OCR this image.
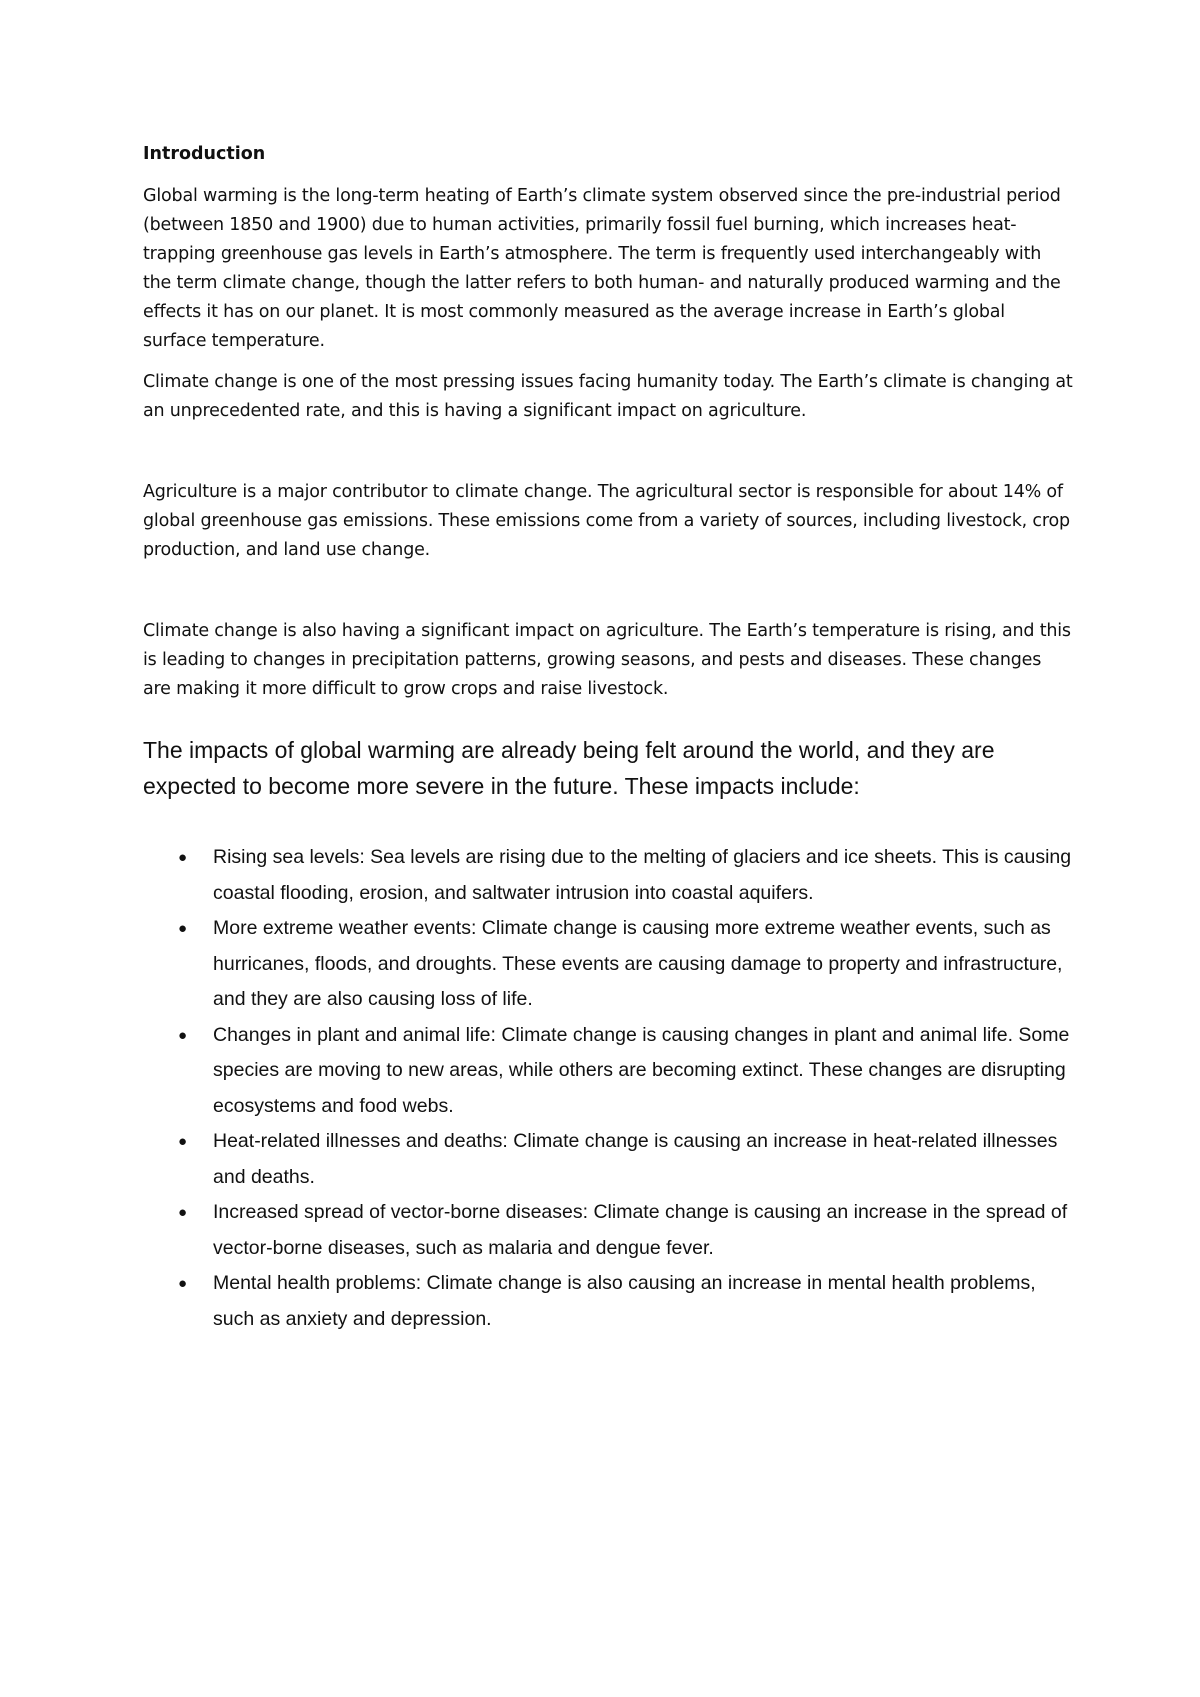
Introduction

Global warming is the long-term heating of Earth’s climate system observed since the pre-industrial period (between 1850 and 1900) due to human activities, primarily fossil fuel burning, which increases heat-trapping greenhouse gas levels in Earth’s atmosphere. The term is frequently used interchangeably with the term climate change, though the latter refers to both human- and naturally produced warming and the effects it has on our planet. It is most commonly measured as the average increase in Earth’s global surface temperature.

Climate change is one of the most pressing issues facing humanity today. The Earth’s climate is changing at an unprecedented rate, and this is having a significant impact on agriculture.

Agriculture is a major contributor to climate change. The agricultural sector is responsible for about 14% of global greenhouse gas emissions. These emissions come from a variety of sources, including livestock, crop production, and land use change.

Climate change is also having a significant impact on agriculture. The Earth’s temperature is rising, and this is leading to changes in precipitation patterns, growing seasons, and pests and diseases. These changes are making it more difficult to grow crops and raise livestock.

The impacts of global warming are already being felt around the world, and they are expected to become more severe in the future. These impacts include:

● Rising sea levels: Sea levels are rising due to the melting of glaciers and ice sheets. This is causing coastal flooding, erosion, and saltwater intrusion into coastal aquifers.
● More extreme weather events: Climate change is causing more extreme weather events, such as hurricanes, floods, and droughts. These events are causing damage to property and infrastructure, and they are also causing loss of life.
● Changes in plant and animal life: Climate change is causing changes in plant and animal life. Some species are moving to new areas, while others are becoming extinct. These changes are disrupting ecosystems and food webs.
● Heat-related illnesses and deaths: Climate change is causing an increase in heat-related illnesses and deaths.
● Increased spread of vector-borne diseases: Climate change is causing an increase in the spread of vector-borne diseases, such as malaria and dengue fever.
● Mental health problems: Climate change is also causing an increase in mental health problems, such as anxiety and depression.
